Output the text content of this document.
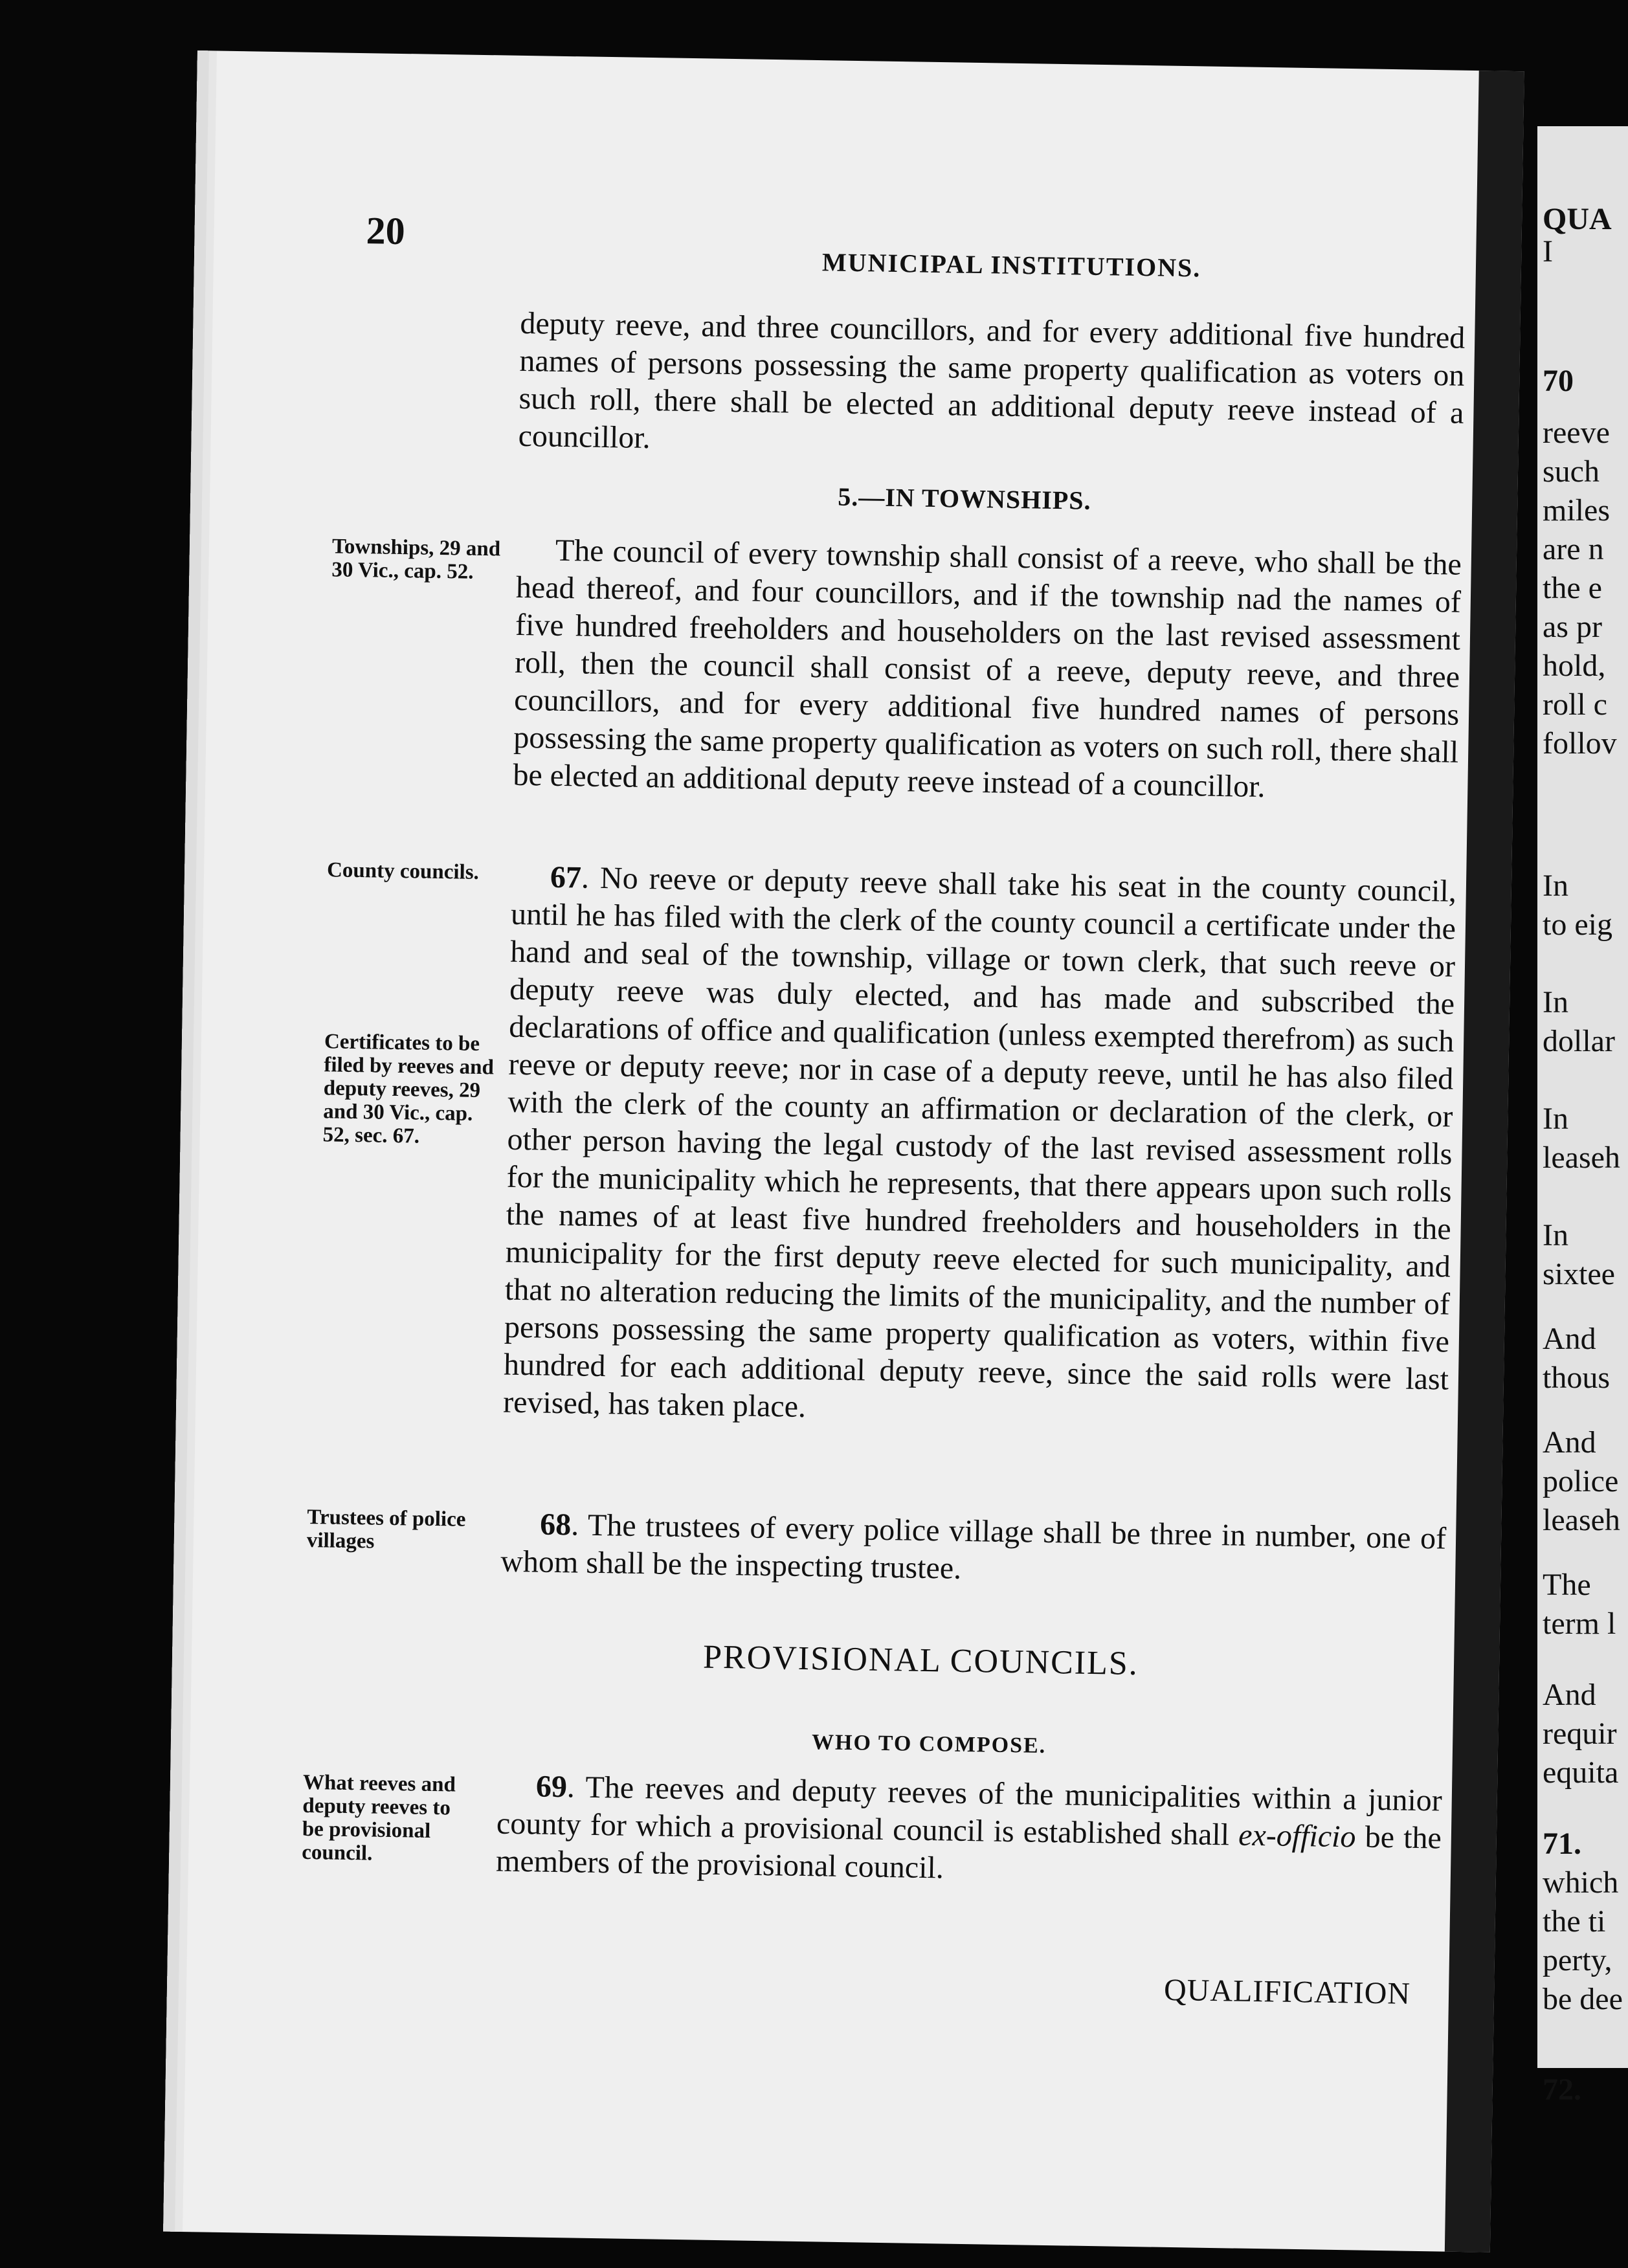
20
MUNICIPAL INSTITUTIONS.

deputy reeve, and three councillors, and for every additional five hundred names of persons possessing the same property qualification as voters on such roll, there shall be elected an additional deputy reeve instead of a councillor.
5.—IN TOWNSHIPS.
Townships, 29 and 30 Vic., cap. 52.	The council of every township shall consist of a reeve, who shall be the head thereof, and four councillors, and if the township nad the names of five hundred freeholders and householders on the last revised assessment roll, then the council shall consist of a reeve, deputy reeve, and three councillors, and for every additional five hundred names of persons possessing the same property qualification as voters on such roll, there shall be elected an additional deputy reeve instead of a councillor.
County councils.	67. No reeve or deputy reeve shall take his seat in the county council, until he has filed with the clerk of the county council a certificate under the hand and seal of the township, village or town clerk, that such reeve or deputy reeve was duly elected, and has made and subscribed the declarations of office and qualification (unless exempted therefrom) as such reeve or deputy reeve; nor in case of a deputy reeve, until he has also filed with the clerk of the county an affirmation or declaration of the clerk, or other person having the legal custody of the last revised assessment rolls for the municipality which he represents, that there appears upon such rolls the names of at least five hundred freeholders and householders in the municipality for the first deputy reeve elected for such municipality, and that no alteration reducing the limits of the municipality, and the number of persons possessing the same property qualification as voters, within five hundred for each additional deputy reeve, since the said rolls were last revised, has taken place.
Certificates to be filed by reeves and deputy reeves, 29 and 30 Vic., cap. 52, sec. 67.
Trustees of police villages	68. The trustees of every police village shall be three in number, one of whom shall be the inspecting trustee.
PROVISIONAL COUNCILS.
WHO TO COMPOSE.
What reeves and deputy reeves to be provisional council.
69. The reeves and deputy reeves of the municipalities within a junior county for which a provisional council is established shall ex-officio be the members of the provisional council.
QUALIFICATION
QUA
I
70
reeve
such
miles
are n
the e
as pr
hold,
roll c
follov
In
to eig
In
dollar
In
leaseh
In
sixtee
And
thous
And
police
leaseh
The
term l
And
requir
equita
71.
which
the ti
perty,
be dee
72.
